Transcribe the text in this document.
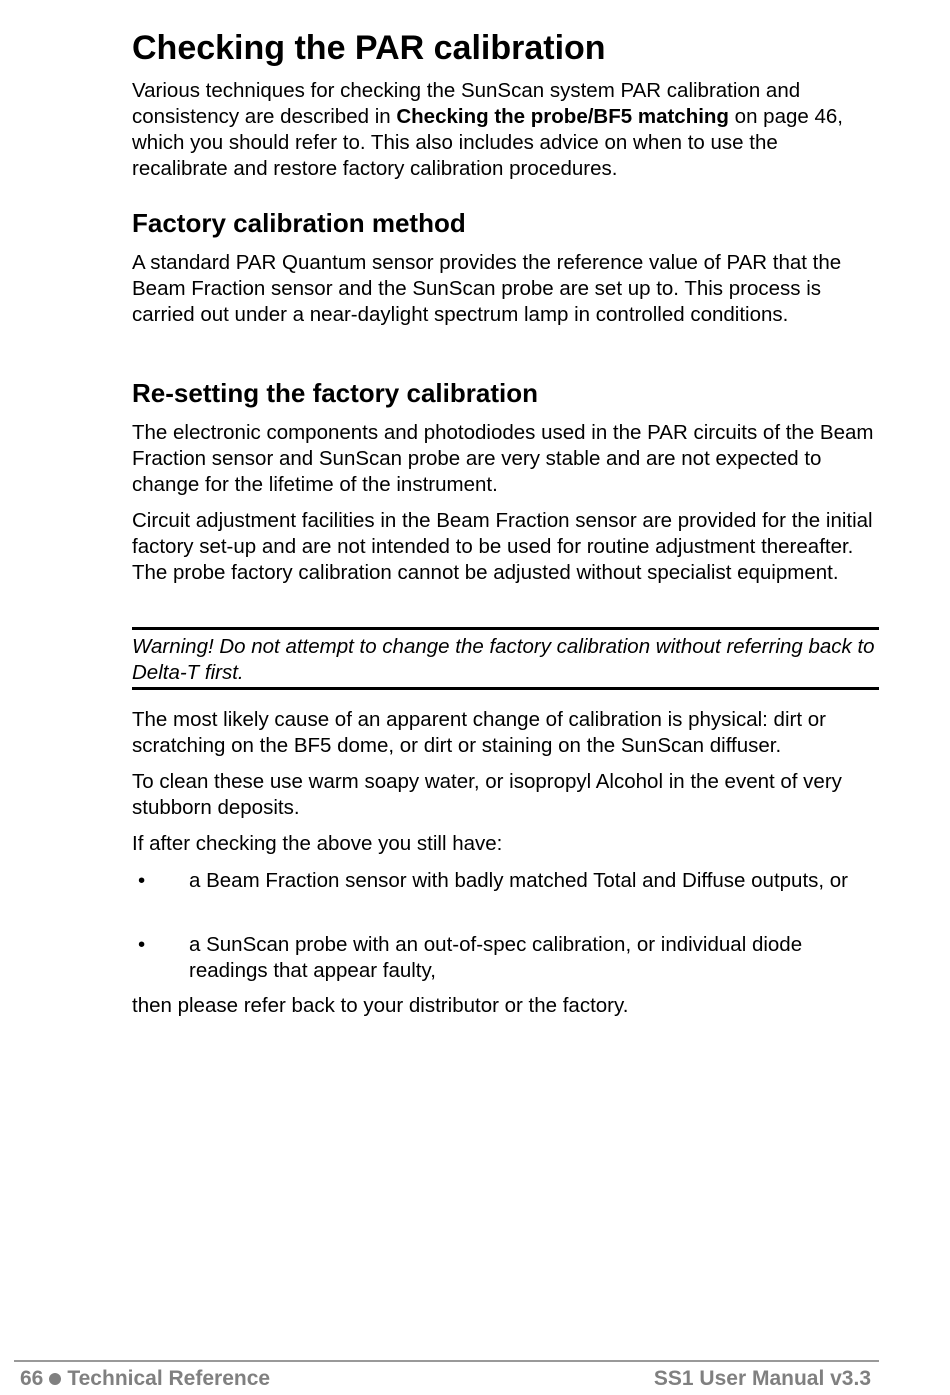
Checking the PAR calibration

Various techniques for checking the SunScan system PAR calibration and consistency are described in Checking the probe/BF5 matching on page 46, which you should refer to. This also includes advice on when to use the recalibrate and restore factory calibration procedures.

Factory calibration method

A standard PAR Quantum sensor provides the reference value of PAR that the Beam Fraction sensor and the SunScan probe are set up to. This process is carried out under a near-daylight spectrum lamp in controlled conditions.

Re-setting the factory calibration

The electronic components and photodiodes used in the PAR circuits of the Beam Fraction sensor and SunScan probe are very stable and are not expected to change for the lifetime of the instrument.

Circuit adjustment facilities in the Beam Fraction sensor are provided for the initial factory set-up and are not intended to be used for routine adjustment thereafter. The probe factory calibration cannot be adjusted without specialist equipment.

Warning! Do not attempt to change the factory calibration without referring back to Delta-T first.

The most likely cause of an apparent change of calibration is physical: dirt or scratching on the BF5 dome, or dirt or staining on the SunScan diffuser.

To clean these use warm soapy water, or isopropyl Alcohol in the event of very stubborn deposits.

If after checking the above you still have:

• a Beam Fraction sensor with badly matched Total and Diffuse outputs, or
• a SunScan probe with an out-of-spec calibration, or individual diode readings that appear faulty,

then please refer back to your distributor or the factory.

66 Technical Reference	SS1 User Manual v3.3
